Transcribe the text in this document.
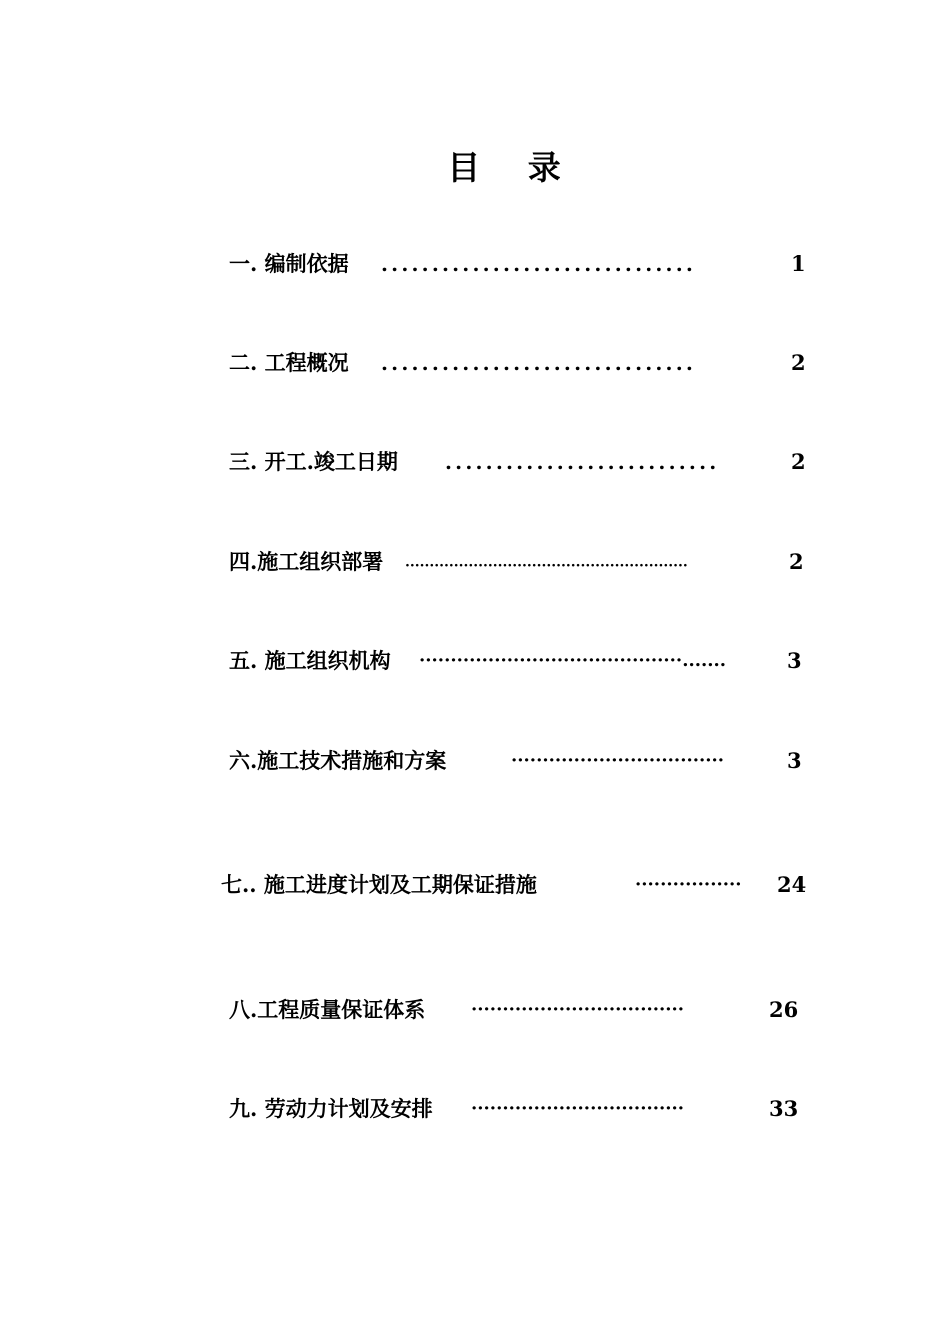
目 录
一. 编制依据 ...............................	1
二. 工程概况 ...............................	2
三. 开工.竣工日期 ...........................	2
四.施工组织部署 ··························································	2
五. 施工组织机构 ··········································.......	3
六.施工技术措施和方案	··································	3
七.. 施工进度计划及工期保证措施	·················	24
八.工程质量保证体系	··································	26
九. 劳动力计划及安排 ··································	33
